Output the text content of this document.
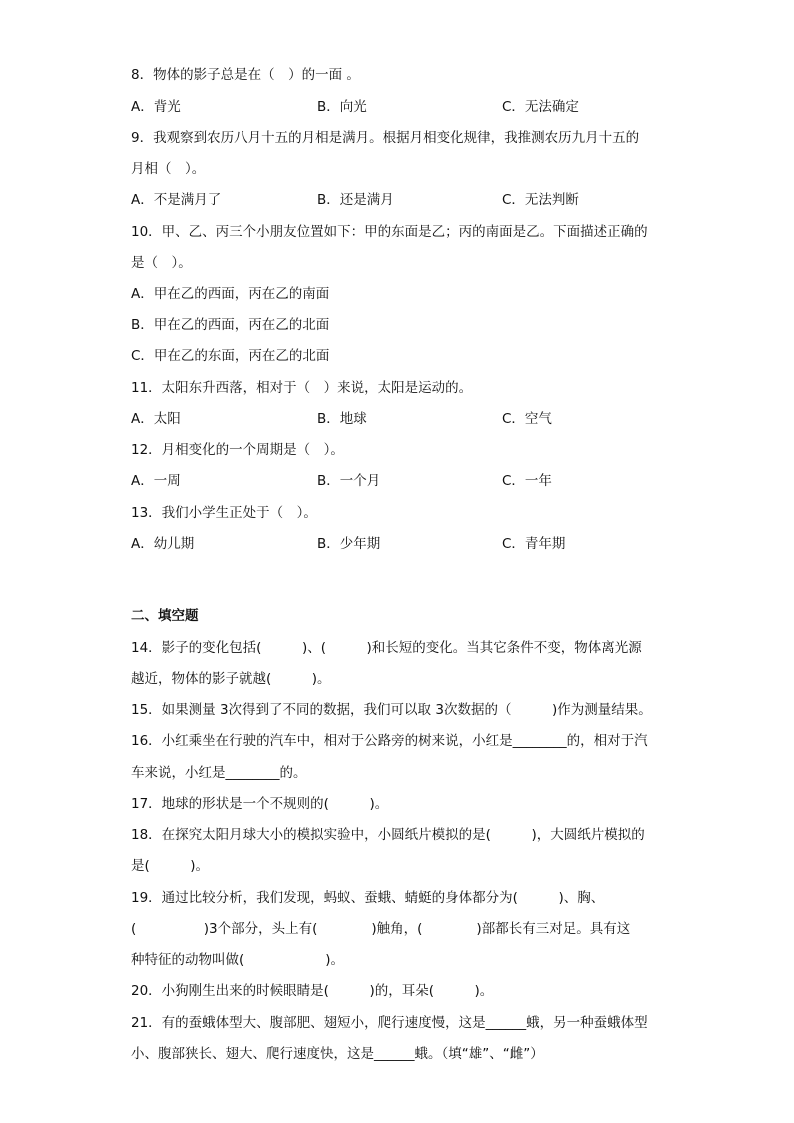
8．物体的影子总是在（　）的一面 。
A．背光	B．向光	C．无法确定
9．我观察到农历八月十五的月相是满月。根据月相变化规律，我推测农历九月十五的
月相（　）。
A．不是满月了	B．还是满月	C．无法判断
10．甲、乙、丙三个小朋友位置如下：甲的东面是乙；丙的南面是乙。下面描述正确的
是（　）。
A．甲在乙的西面，丙在乙的南面
B．甲在乙的西面，丙在乙的北面
C．甲在乙的东面，丙在乙的北面
11．太阳东升西落，相对于（　）来说，太阳是运动的。
A．太阳	B．地球	C．空气
12．月相变化的一个周期是（　）。
A．一周	B．一个月	C．一年
13．我们小学生正处于（　）。
A．幼儿期	B．少年期	C．青年期
二、填空题
14．影子的变化包括(　　　)、(　　　)和长短的变化。当其它条件不变，物体离光源
越近，物体的影子就越(　　　)。
15．如果测量 3次得到了不同的数据，我们可以取 3次数据的（　　　)作为测量结果。
16．小红乘坐在行驶的汽车中，相对于公路旁的树来说，小红是________的，相对于汽
车来说，小红是________的。
17．地球的形状是一个不规则的(　　　)。
18．在探究太阳月球大小的模拟实验中，小圆纸片模拟的是(　　　)，大圆纸片模拟的
是(　　　)。
19．通过比较分析，我们发现，蚂蚁、蚕蛾、蜻蜓的身体都分为(　　　)、胸、
(　　　　　)3个部分，头上有(　　　　)触角，(　　　　)部都长有三对足。具有这
种特征的动物叫做(　　　　　　)。
20．小狗刚生出来的时候眼睛是(　　　)的，耳朵(　　　)。
21．有的蚕蛾体型大、腹部肥、翅短小，爬行速度慢，这是______蛾，另一种蚕蛾体型
小、腹部狭长、翅大、爬行速度快，这是______蛾。（填“雄”、“雌”）
